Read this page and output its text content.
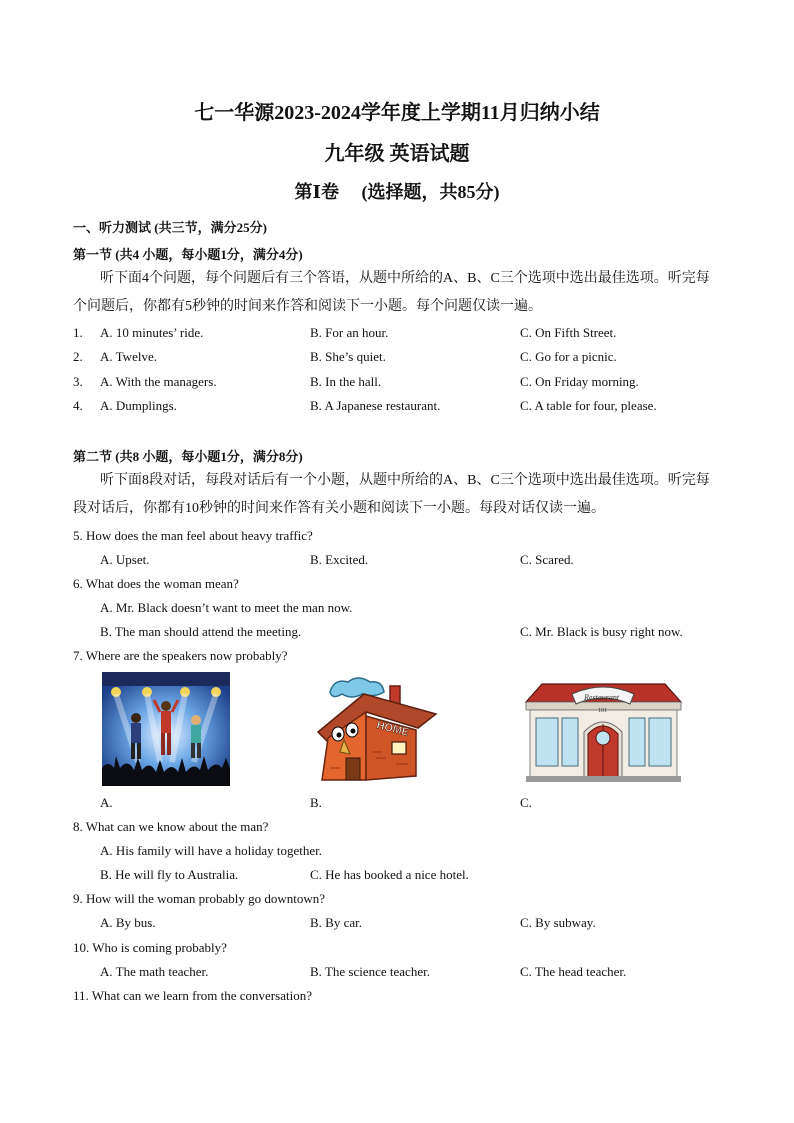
七一华源2023-2024学年度上学期11月归纳小结
九年级 英语试题
第Ⅰ卷　 (选择题，共85分)
一、听力测试 (共三节，满分25分)
第一节 (共4 小题，每小题1分，满分4分)
听下面4个问题，每个问题后有三个答语，从题中所给的A、B、C三个选项中选出最佳选项。听完每个问题后，你都有5秒钟的时间来作答和阅读下一小题。每个问题仅读一遍。
1. A. 10 minutes’ ride.	B. For an hour.	C. On Fifth Street.
2. A. Twelve.	B. She’s quiet.	C. Go for a picnic.
3. A. With the managers.	B. In the hall.	C. On Friday morning.
4. A. Dumplings.	B. A Japanese restaurant.	C. A table for four, please.
第二节 (共8 小题，每小题1分，满分8分)
听下面8段对话，每段对话后有一个小题，从题中所给的A、B、C三个选项中选出最佳选项。听完每段对话后，你都有10秒钟的时间来作答有关小题和阅读下一小题。每段对话仅读一遍。
5. How does the man feel about heavy traffic?
A. Upset.	B. Excited.	C. Scared.
6. What does the woman mean?
A. Mr. Black doesn’t want to meet the man now.
B. The man should attend the meeting.	C. Mr. Black is busy right now.
7. Where are the speakers now probably?
A.
HOME
B.
Restaurant
101
C.
8. What can we know about the man?
A. His family will have a holiday together.
B. He will fly to Australia.	C. He has booked a nice hotel.
9. How will the woman probably go downtown?
A. By bus.	B. By car.	C. By subway.
10. Who is coming probably?
A. The math teacher.	B. The science teacher.	C. The head teacher.
11. What can we learn from the conversation?
